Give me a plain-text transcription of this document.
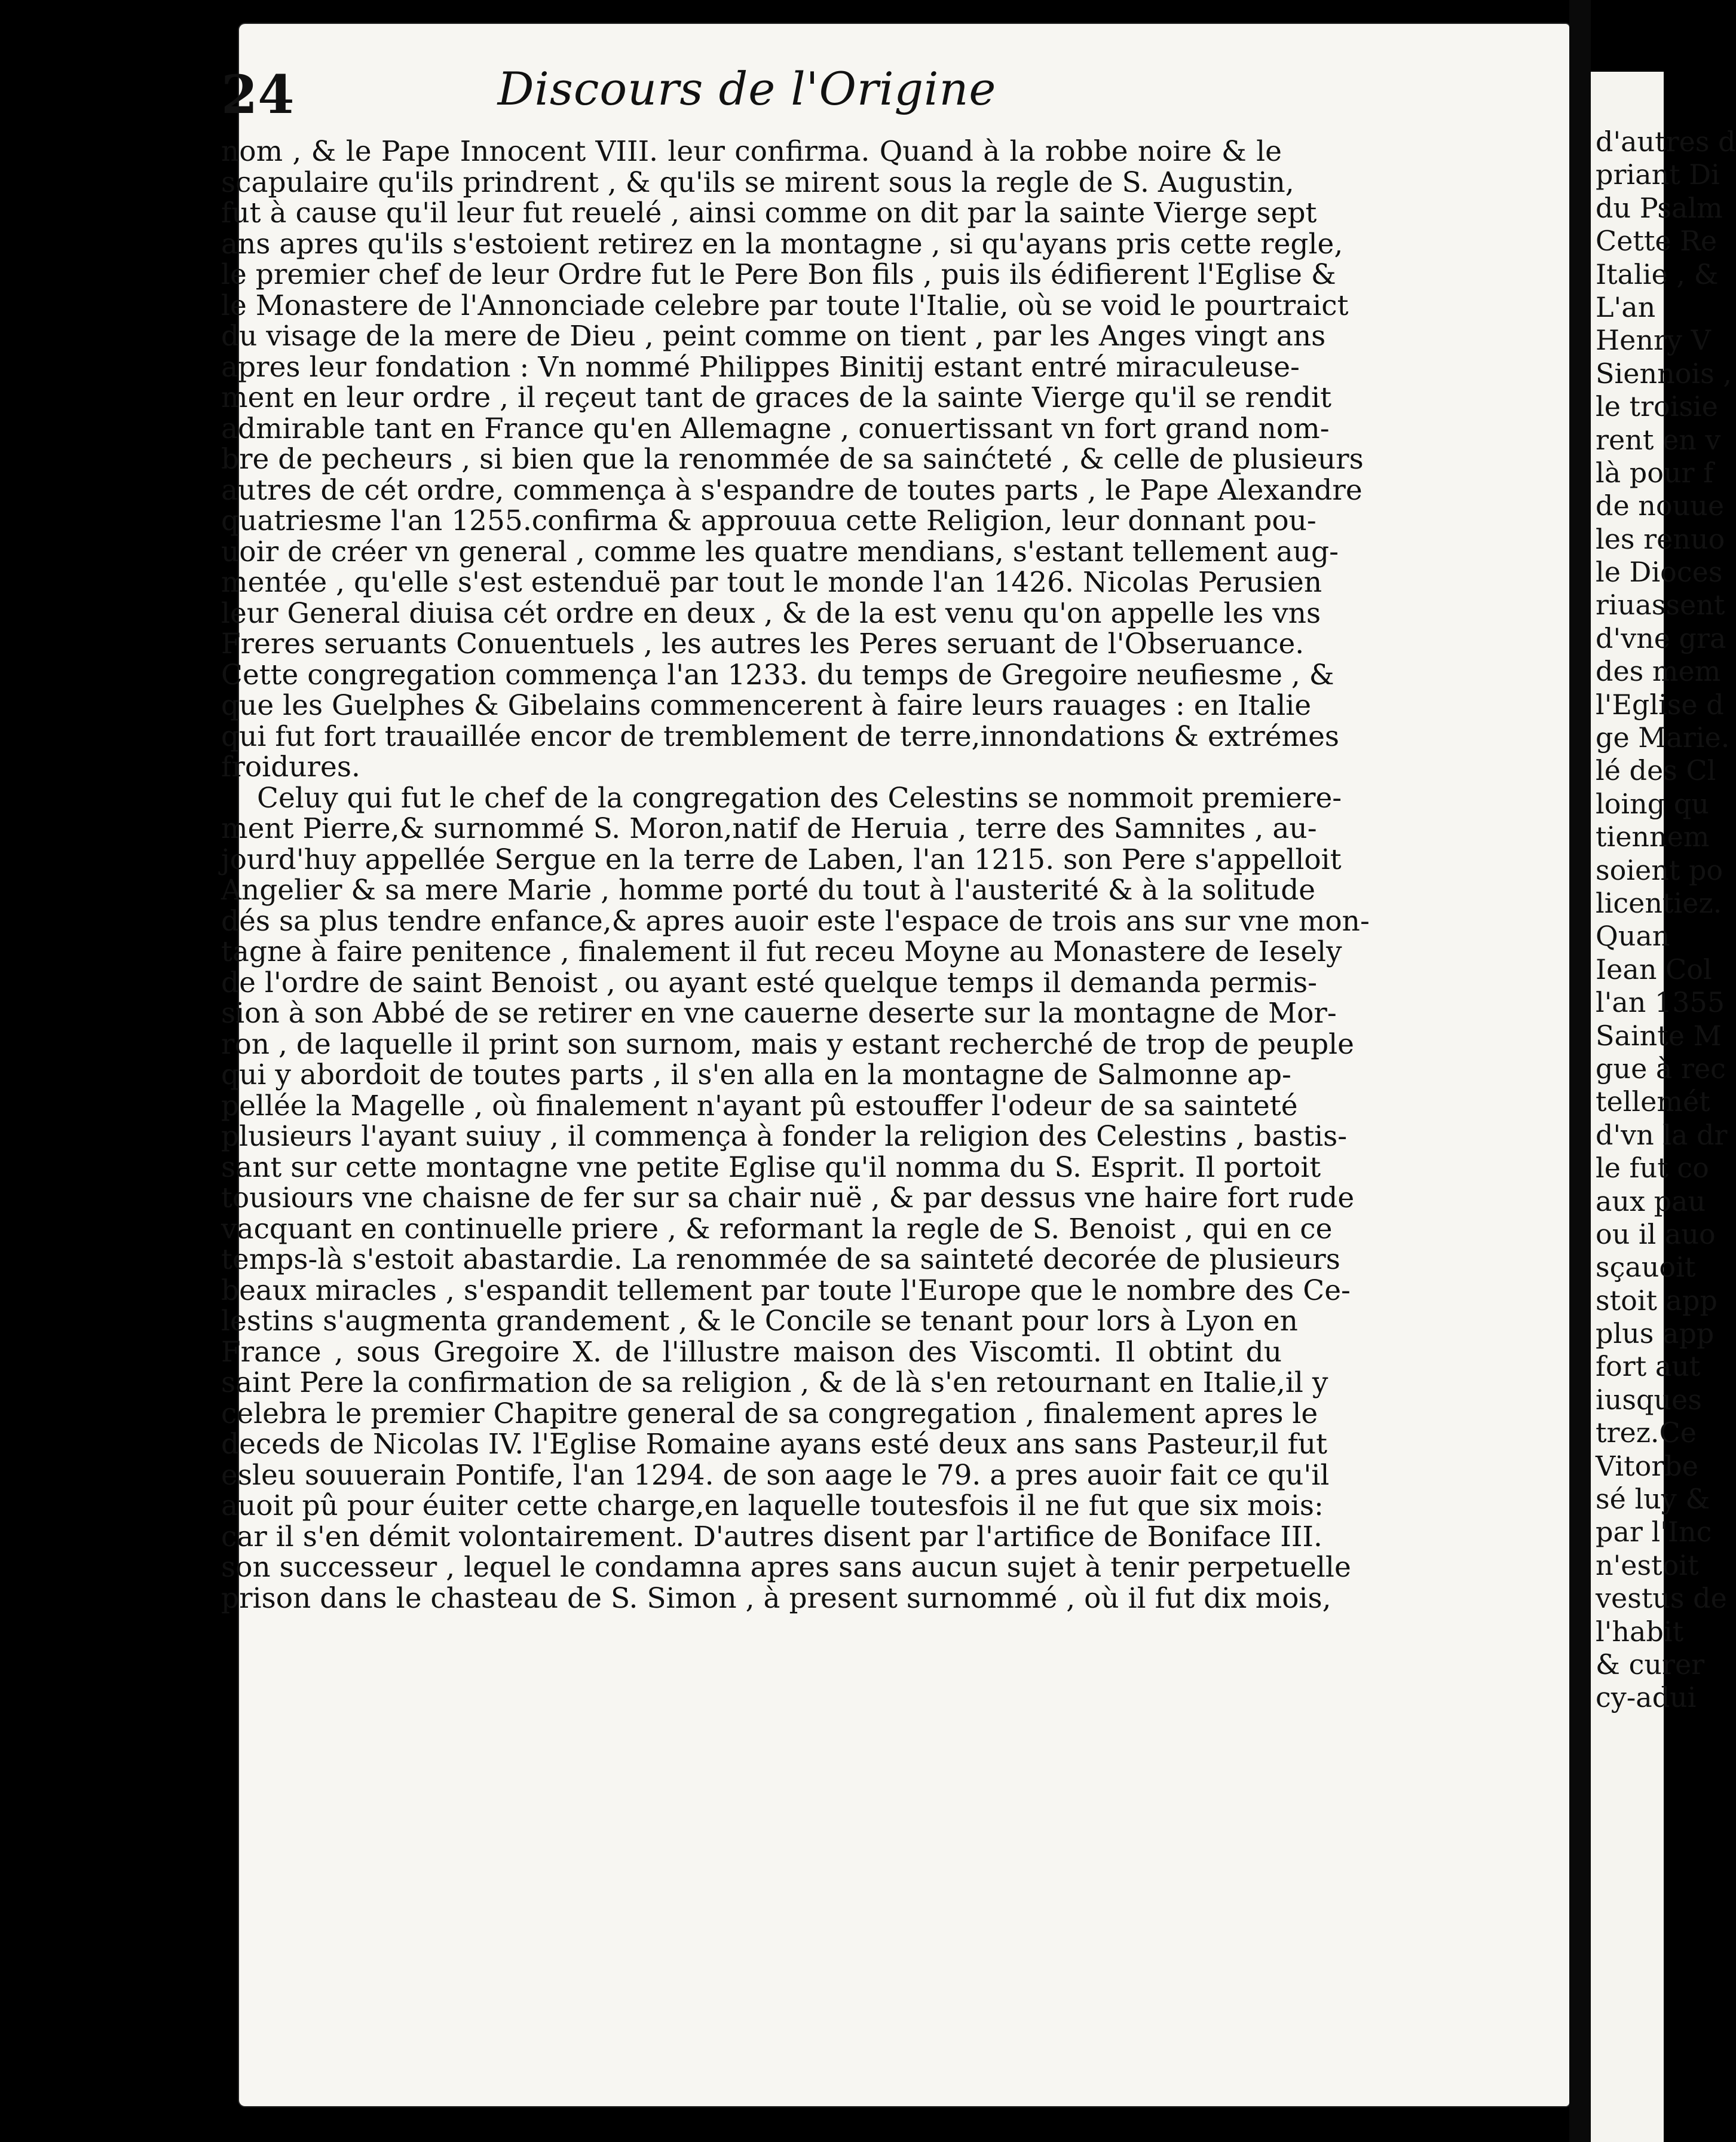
24	Discours de l'Origine
nom , & le Pape Innocent VIII. leur confirma. Quand à la robbe noire & le
scapulaire qu'ils prindrent , & qu'ils se mirent sous la regle de S. Augustin,
fut à cause qu'il leur fut reuelé , ainsi comme on dit par la sainte Vierge sept
ans apres qu'ils s'estoient retirez en la montagne , si qu'ayans pris cette regle,
le premier chef de leur Ordre fut le Pere Bon fils , puis ils édifierent l'Eglise &
le Monastere de l'Annonciade celebre par toute l'Italie, où se void le pourtraict
du visage de la mere de Dieu , peint comme on tient , par les Anges vingt ans
apres leur fondation : Vn nommé Philippes Binitij estant entré miraculeuse-
ment en leur ordre , il reçeut tant de graces de la sainte Vierge qu'il se rendit
admirable tant en France qu'en Allemagne , conuertissant vn fort grand nom-
bre de pecheurs , si bien que la renommée de sa sainćteté , & celle de plusieurs
autres de cét ordre, commença à s'espandre de toutes parts , le Pape Alexandre
quatriesme l'an 1255.confirma & approuua cette Religion, leur donnant pou-
uoir de créer vn general , comme les quatre mendians, s'estant tellement aug-
mentée , qu'elle s'est estenduë par tout le monde l'an 1426. Nicolas Perusien
leur General diuisa cét ordre en deux , & de la est venu qu'on appelle les vns
Freres seruants Conuentuels , les autres les Peres seruant de l'Obseruance.
Cette congregation commença l'an 1233. du temps de Gregoire neufiesme , &
que les Guelphes & Gibelains commencerent à faire leurs rauages : en Italie
qui fut fort trauaillée encor de tremblement de terre,innondations & extrémes
froidures.
Celuy qui fut le chef de la congregation des Celestins se nommoit premiere-
ment Pierre,& surnommé S. Moron,natif de Heruia , terre des Samnites , au-
jourd'huy appellée Sergue en la terre de Laben, l'an 1215. son Pere s'appelloit
Angelier & sa mere Marie , homme porté du tout à l'austerité & à la solitude
dés sa plus tendre enfance,& apres auoir este l'espace de trois ans sur vne mon-
tagne à faire penitence , finalement il fut receu Moyne au Monastere de Iesely
de l'ordre de saint Benoist , ou ayant esté quelque temps il demanda permis-
sion à son Abbé de se retirer en vne cauerne deserte sur la montagne de Mor-
ron , de laquelle il print son surnom, mais y estant recherché de trop de peuple
qui y abordoit de toutes parts , il s'en alla en la montagne de Salmonne ap-
pellée la Magelle , où finalement n'ayant pû estouffer l'odeur de sa sainteté
plusieurs l'ayant suiuy , il commença à fonder la religion des Celestins , bastis-
sant sur cette montagne vne petite Eglise qu'il nomma du S. Esprit. Il portoit
tousiours vne chaisne de fer sur sa chair nuë , & par dessus vne haire fort rude
vacquant en continuelle priere , & reformant la regle de S. Benoist , qui en ce
temps-là s'estoit abastardie. La renommée de sa sainteté decorée de plusieurs
beaux miracles , s'espandit tellement par toute l'Europe que le nombre des Ce-
lestins s'augmenta grandement , & le Concile se tenant pour lors à Lyon en
France , sous Gregoire X. de l'illustre maison des Viscomti. Il obtint du
saint Pere la confirmation de sa religion , & de là s'en retournant en Italie,il y
celebra le premier Chapitre general de sa congregation , finalement apres le
deceds de Nicolas IV. l'Eglise Romaine ayans esté deux ans sans Pasteur,il fut
esleu souuerain Pontife, l'an 1294. de son aage le 79. a pres auoir fait ce qu'il
auoit pû pour éuiter cette charge,en laquelle toutesfois il ne fut que six mois:
car il s'en démit volontairement. D'autres disent par l'artifice de Boniface III.
son successeur , lequel le condamna apres sans aucun sujet à tenir perpetuelle
prison dans le chasteau de S. Simon , à present surnommé , où il fut dix mois,
d'autres d
priant Di
du Psalm
Cette Re
Italie , &
L'an
Henry V
Siennois ,
le troisie
rent en v
là pour f
de nouue
les renuo
le Dioces
riuassent
d'vne gra
des mem
l'Eglise d
ge Marie.
lé des Cl
loing qu
tiennem
soient po
licentiez.
Quan
Iean Col
l'an 1355
Sainte M
gue à rec
tellemét
d'vn la dr
le fut co
aux pau
ou il auo
sçauoit
stoit app
plus app
fort aut
iusques
trez.Ce
Vitorbe
sé luy &
par l'Inc
n'estoit
vestus de
l'habit
& curer
cy-adui
